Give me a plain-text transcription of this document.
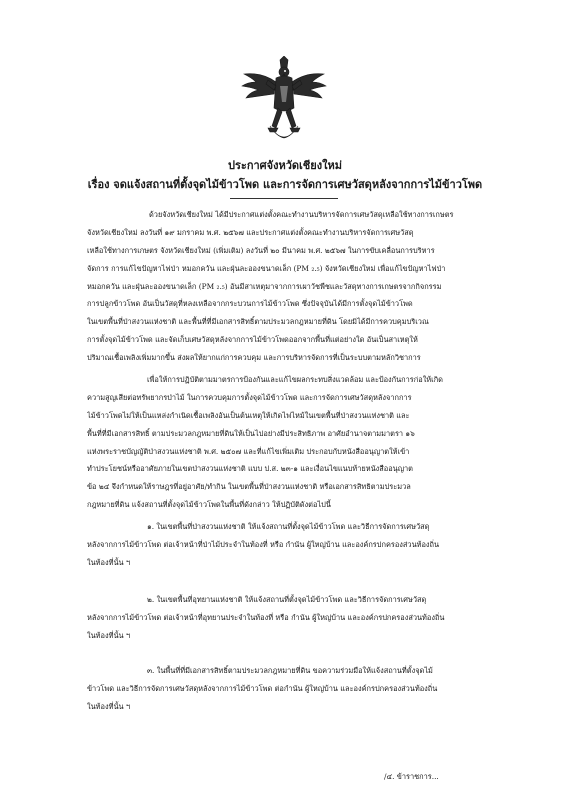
ประกาศจังหวัดเชียงใหม่
เรื่อง จดแจ้งสถานที่ตั้งจุดไม้ข้าวโพด และการจัดการเศษวัสดุหลังจากการไม้ข้าวโพด
ด้วยจังหวัดเชียงใหม่ ได้มีประกาศแต่งตั้งคณะทำงานบริหารจัดการเศษวัสดุเหลือใช้ทางการเกษตร
จังหวัดเชียงใหม่ ลงวันที่ ๑๙ มกราคม พ.ศ. ๒๕๖๗ และประกาศแต่งตั้งคณะทำงานบริหารจัดการเศษวัสดุ
เหลือใช้ทางการเกษตร จังหวัดเชียงใหม่ (เพิ่มเติม) ลงวันที่ ๒๐ มีนาคม พ.ศ. ๒๕๖๗ ในการขับเคลื่อนการบริหาร
จัดการ การแก้ไขปัญหาไฟป่า หมอกควัน และฝุ่นละอองขนาดเล็ก (PM ₂.₅) จังหวัดเชียงใหม่ เพื่อแก้ไขปัญหาไฟป่า
หมอกควัน และฝุ่นละอองขนาดเล็ก (PM ₂.₅) อันมีสาเหตุมาจากการเผาวัชพืชและวัสดุทางการเกษตรจากกิจกรรม
การปลูกข้าวโพด อันเป็นวัสดุที่หลงเหลือจากกระบวนการไม้ข้าวโพด ซึ่งปัจจุบันได้มีการตั้งจุดไม้ข้าวโพด
ในเขตพื้นที่ป่าสงวนแห่งชาติ และพื้นที่ที่มีเอกสารสิทธิ์ตามประมวลกฎหมายที่ดิน โดยมิได้มีการควบคุมบริเวณ
การตั้งจุดไม้ข้าวโพด และจัดเก็บเศษวัสดุหลังจากการไม้ข้าวโพดออกจากพื้นที่แต่อย่างใด อันเป็นสาเหตุให้
ปริมาณเชื้อเพลิงเพิ่มมากขึ้น ส่งผลให้ยากแก่การควบคุม และการบริหารจัดการที่เป็นระบบตามหลักวิชาการ
เพื่อให้การปฏิบัติตามมาตรการป้องกันและแก้ไขผลกระทบสิ่งแวดล้อม และป้องกันการก่อให้เกิด
ความสูญเสียต่อทรัพยากรป่าไม้ ในการควบคุมการตั้งจุดไม้ข้าวโพด และการจัดการเศษวัสดุหลังจากการ
ไม้ข้าวโพดไม่ให้เป็นแหล่งกำเนิดเชื้อเพลิงอันเป็นต้นเหตุให้เกิดไฟไหม้ในเขตพื้นที่ป่าสงวนแห่งชาติ และ
พื้นที่ที่มีเอกสารสิทธิ์ ตามประมวลกฎหมายที่ดินให้เป็นไปอย่างมีประสิทธิภาพ อาศัยอำนาจตามมาตรา ๑๖
แห่งพระราชบัญญัติป่าสงวนแห่งชาติ พ.ศ. ๒๕๐๗ และที่แก้ไขเพิ่มเติม ประกอบกับหนังสืออนุญาตให้เข้า
ทำประโยชน์หรืออาศัยภายในเขตป่าสงวนแห่งชาติ แบบ ป.ส. ๒๓-๑ และเงื่อนไขแนบท้ายหนังสืออนุญาต
ข้อ ๒๔ จึงกำหนดให้ราษฎรที่อยู่อาศัย/ทำกิน ในเขตพื้นที่ป่าสงวนแห่งชาติ หรือเอกสารสิทธิตามประมวล
กฎหมายที่ดิน แจ้งสถานที่ตั้งจุดไม้ข้าวโพดในพื้นที่ดังกล่าว ให้ปฏิบัติดังต่อไปนี้
๑. ในเขตพื้นที่ป่าสงวนแห่งชาติ ให้แจ้งสถานที่ตั้งจุดไม้ข้าวโพด และวิธีการจัดการเศษวัสดุ
หลังจากการไม้ข้าวโพด ต่อเจ้าหน้าที่ป่าไม้ประจำในท้องที่ หรือ กำนัน ผู้ใหญ่บ้าน และองค์กรปกครองส่วนท้องถิ่น
ในท้องที่นั้น ฯ
๒. ในเขตพื้นที่อุทยานแห่งชาติ ให้แจ้งสถานที่ตั้งจุดไม้ข้าวโพด และวิธีการจัดการเศษวัสดุ
หลังจากการไม้ข้าวโพด ต่อเจ้าหน้าที่อุทยานประจำในท้องที่ หรือ กำนัน ผู้ใหญ่บ้าน และองค์กรปกครองส่วนท้องถิ่น
ในท้องที่นั้น ฯ
๓. ในพื้นที่ที่มีเอกสารสิทธิ์ตามประมวลกฎหมายที่ดิน ขอความร่วมมือให้แจ้งสถานที่ตั้งจุดไม้
ข้าวโพด และวิธีการจัดการเศษวัสดุหลังจากการไม้ข้าวโพด ต่อกำนัน ผู้ใหญ่บ้าน และองค์กรปกครองส่วนท้องถิ่น
ในท้องที่นั้น ฯ
/๔. ข้าราชการ...
